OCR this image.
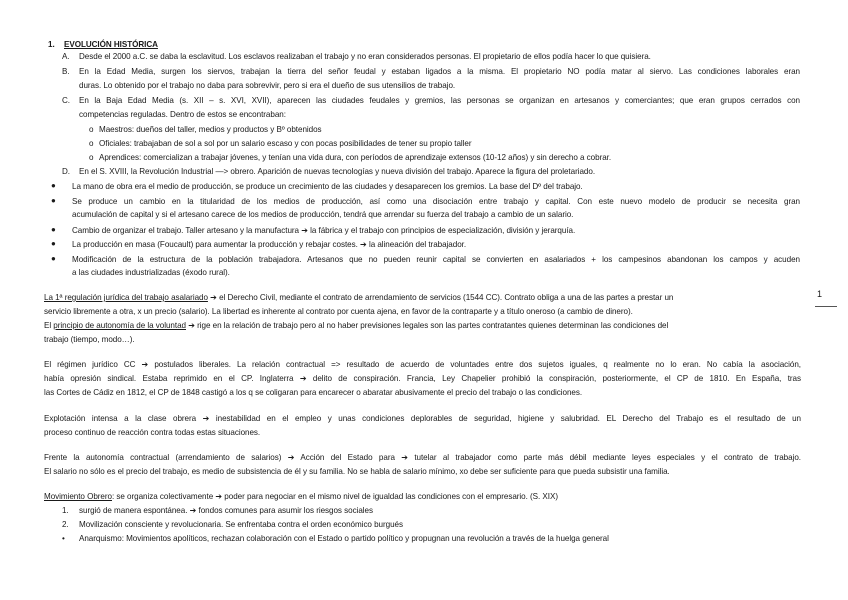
1. EVOLUCIÓN HISTÓRICA
A. Desde el 2000 a.C. se daba la esclavitud. Los esclavos realizaban el trabajo y no eran considerados personas. El propietario de ellos podía hacer lo que quisiera.
B. En la Edad Media, surgen los siervos, trabajan la tierra del señor feudal y estaban ligados a la misma. El propietario NO podía matar al siervo. Las condiciones laborales eran
duras. Lo obtenido por el trabajo no daba para sobrevivir, pero si era el dueño de sus utensilios de trabajo.
C. En la Baja Edad Media (s. XII – s. XVI, XVII), aparecen las ciudades feudales y gremios, las personas se organizan en artesanos y comerciantes; que eran grupos cerrados con
competencias reguladas. Dentro de estos se encontraban:
o Maestros: dueños del taller, medios y productos y Bº obtenidos
o Oficiales: trabajaban de sol a sol por un salario escaso y con pocas posibilidades de tener su propio taller
o Aprendices: comercializan a trabajar jóvenes, y tenían una vida dura, con períodos de aprendizaje extensos (10-12 años) y sin derecho a cobrar.
D. En el S. XVIII, la Revolución Industrial —> obrero. Aparición de nuevas tecnologías y nueva división del trabajo. Aparece la figura del proletariado.
● La mano de obra era el medio de producción, se produce un crecimiento de las ciudades y desaparecen los gremios. La base del Dº del trabajo.
● Se produce un cambio en la titularidad de los medios de producción, así como una disociación entre trabajo y capital. Con este nuevo modelo de producir se necesita gran
acumulación de capital y si el artesano carece de los medios de producción, tendrá que arrendar su fuerza del trabajo a cambio de un salario.
● Cambio de organizar el trabajo. Taller artesano y la manufactura ➔ la fábrica y el trabajo con principios de especialización, división y jerarquía.
● La producción en masa (Foucault) para aumentar la producción y rebajar costes. ➔ la alineación del trabajador.
● Modificación de la estructura de la población trabajadora. Artesanos que no pueden reunir capital se convierten en asalariados + los campesinos abandonan los campos y acuden
a las ciudades industrializadas (éxodo rural).
La 1ª regulación jurídica del trabajo asalariado ➔ el Derecho Civil, mediante el contrato de arrendamiento de servicios (1544 CC). Contrato obliga a una de las partes a prestar un
servicio libremente a otra, x un precio (salario). La libertad es inherente al contrato por cuenta ajena, en favor de la contraparte y a título oneroso (a cambio de dinero).
El principio de autonomía de la voluntad ➔ rige en la relación de trabajo pero al no haber previsiones legales son las partes contratantes quienes determinan las condiciones del
trabajo (tiempo, modo…).
El régimen jurídico CC ➔ postulados liberales. La relación contractual => resultado de acuerdo de voluntades entre dos sujetos iguales, q realmente no lo eran. No cabía la asociación,
había opresión sindical. Estaba reprimido en el CP. Inglaterra ➔ delito de conspiración. Francia, Ley Chapelier prohibió la conspiración, posteriormente, el CP de 1810. En España, tras
las Cortes de Cádiz en 1812, el CP de 1848 castigó a los q se coligaran para encarecer o abaratar abusivamente el precio del trabajo o las condiciones.
Explotación intensa a la clase obrera ➔ inestabilidad en el empleo y unas condiciones deplorables de seguridad, higiene y salubridad. EL Derecho del Trabajo es el resultado de un
proceso continuo de reacción contra todas estas situaciones.
Frente la autonomía contractual (arrendamiento de salarios) ➔ Acción del Estado para ➔ tutelar al trabajador como parte más débil mediante leyes especiales y el contrato de trabajo.
El salario no sólo es el precio del trabajo, es medio de subsistencia de él y su familia. No se habla de salario mínimo, xo debe ser suficiente para que pueda subsistir una familia.
Movimiento Obrero: se organiza colectivamente ➔ poder para negociar en el mismo nivel de igualdad las condiciones con el empresario. (S. XIX)
1. surgió de manera espontánea. ➔ fondos comunes para asumir los riesgos sociales
2. Movilización consciente y revolucionaria. Se enfrentaba contra el orden económico burgués
• Anarquismo: Movimientos apolíticos, rechazan colaboración con el Estado o partido político y propugnan una revolución a través de la huelga general
1
